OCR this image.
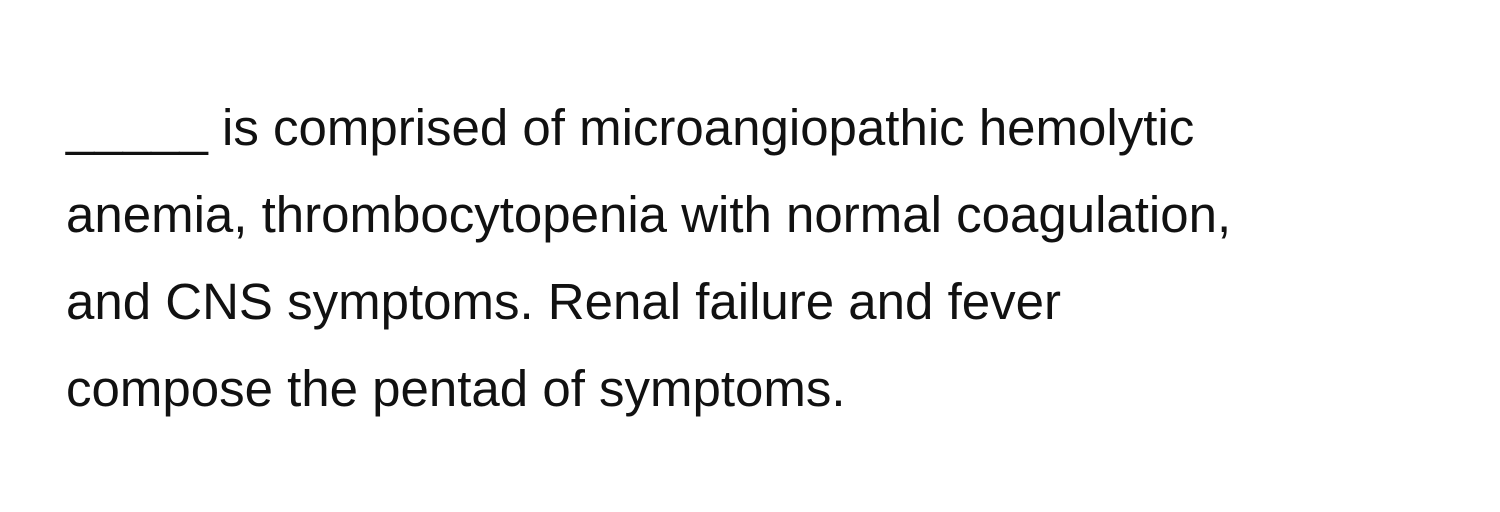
_____ is comprised of microangiopathic hemolytic
anemia, thrombocytopenia with normal coagulation,
and CNS symptoms. Renal failure and fever
compose the pentad of symptoms.
